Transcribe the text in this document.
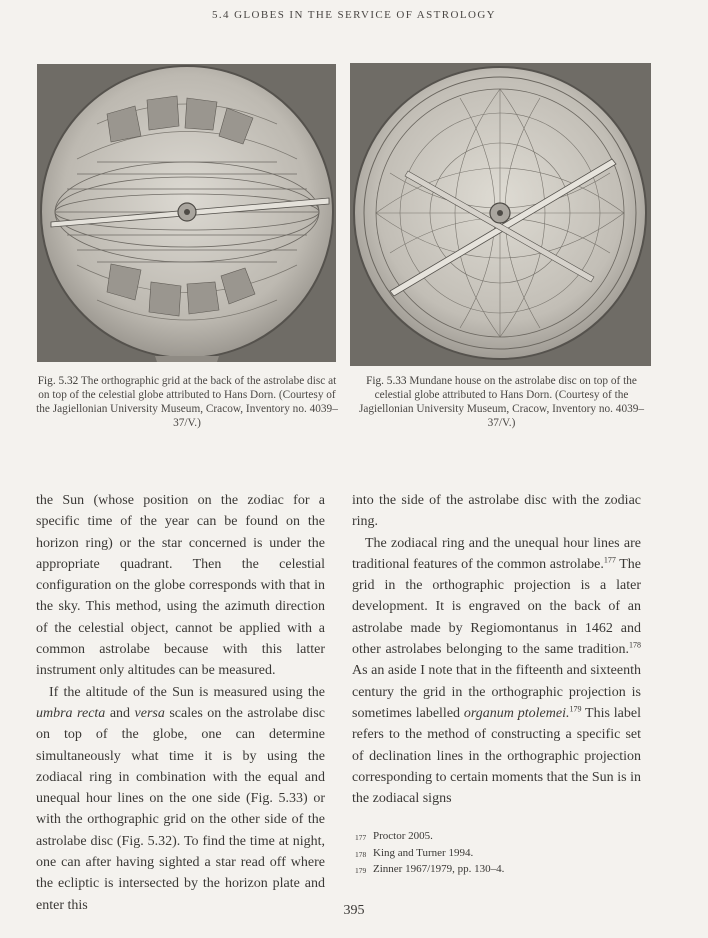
5.4 GLOBES IN THE SERVICE OF ASTROLOGY
Fig. 5.32 The orthographic grid at the back of the astrolabe disc at on top of the celestial globe attributed to Hans Dorn. (Courtesy of the Jagiellonian University Museum, Cracow, Inventory no. 4039–37/V.)
Fig. 5.33 Mundane house on the astrolabe disc on top of the celestial globe attributed to Hans Dorn. (Courtesy of the Jagiellonian University Museum, Cracow, Inventory no. 4039–37/V.)

the Sun (whose position on the zodiac for a specific time of the year can be found on the horizon ring) or the star concerned is under the appropriate quadrant. Then the celestial configuration on the globe corresponds with that in the sky. This method, using the azimuth direction of the celestial object, cannot be applied with a common astrolabe because with this latter instrument only altitudes can be measured.

If the altitude of the Sun is measured using the umbra recta and versa scales on the astrolabe disc on top of the globe, one can determine simultaneously what time it is by using the zodiacal ring in combination with the equal and unequal hour lines on the one side (Fig. 5.33) or with the orthographic grid on the other side of the astrolabe disc (Fig. 5.32). To find the time at night, one can after having sighted a star read off where the ecliptic is intersected by the horizon plate and enter this

into the side of the astrolabe disc with the zodiac ring.

The zodiacal ring and the unequal hour lines are traditional features of the common astrolabe.$^{177}$ The grid in the orthographic projection is a later development. It is engraved on the back of an astrolabe made by Regiomontanus in 1462 and other astrolabes belonging to the same tradition.$^{178}$ As an aside I note that in the fifteenth and sixteenth century the grid in the orthographic projection is sometimes labelled organum ptolemei.$^{179}$ This label refers to the method of constructing a specific set of declination lines in the orthographic projection corresponding to certain moments that the Sun is in the zodiacal signs

177 Proctor 2005.
178 King and Turner 1994.
179 Zinner 1967/1979, pp. 130–4.
395
